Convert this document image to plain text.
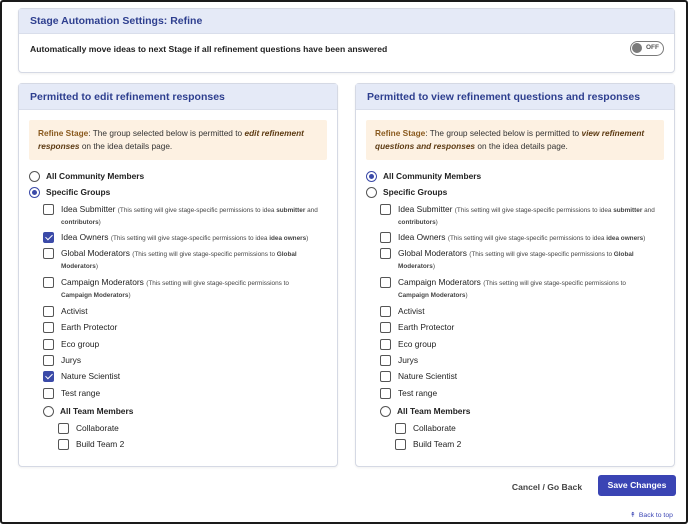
Stage Automation Settings: Refine
Automatically move ideas to next Stage if all refinement questions have been answered	OFF
Permitted to edit refinement responses
Refine Stage: The group selected below is permitted to edit refinement responses on the idea details page.
All Community Members
Specific Groups
Idea Submitter (This setting will give stage-specific permissions to idea submitter and contributors)
Idea Owners (This setting will give stage-specific permissions to idea idea owners)
Global Moderators (This setting will give stage-specific permissions to Global Moderators)
Campaign Moderators (This setting will give stage-specific permissions to Campaign Moderators)
Activist
Earth Protector
Eco group
Jurys
Nature Scientist
Test range
All Team Members
Collaborate
Build Team 2
Permitted to view refinement questions and responses
Refine Stage: The group selected below is permitted to view refinement questions and responses on the idea details page.
All Community Members
Specific Groups
Idea Submitter (This setting will give stage-specific permissions to idea submitter and contributors)
Idea Owners (This setting will give stage-specific permissions to idea idea owners)
Global Moderators (This setting will give stage-specific permissions to Global Moderators)
Campaign Moderators (This setting will give stage-specific permissions to Campaign Moderators)
Activist
Earth Protector
Eco group
Jurys
Nature Scientist
Test range
All Team Members
Collaborate
Build Team 2
Cancel / Go Back	Save Changes
↟ Back to top
